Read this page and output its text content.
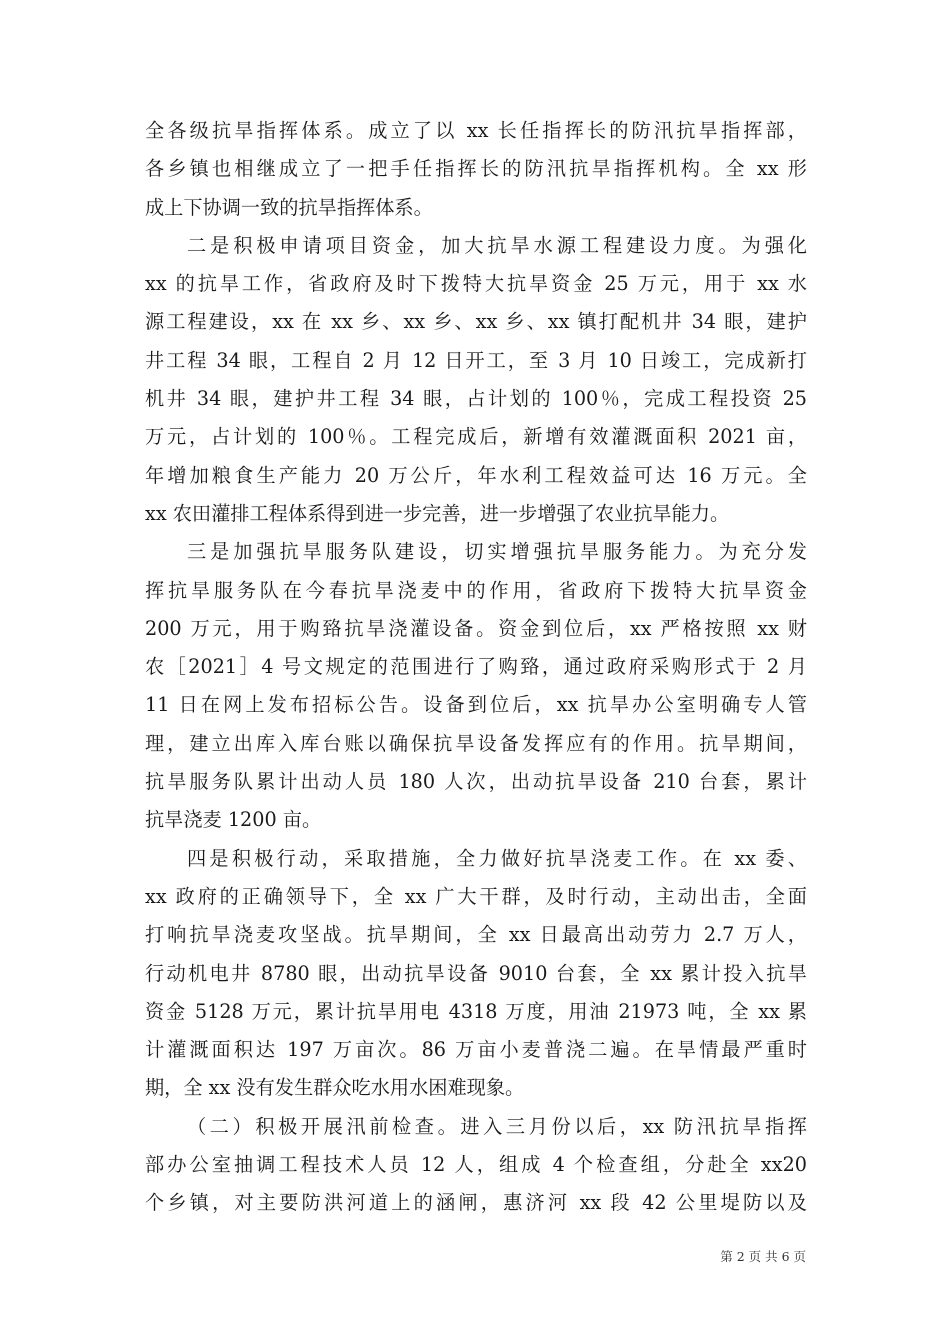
全各级抗旱指挥体系。成立了以 xx 长任指挥长的防汛抗旱指挥部，
各乡镇也相继成立了一把手任指挥长的防汛抗旱指挥机构。全 xx 形
成上下协调一致的抗旱指挥体系。
二是积极申请项目资金，加大抗旱水源工程建设力度。为强化
xx 的抗旱工作，省政府及时下拨特大抗旱资金 25 万元，用于 xx 水
源工程建设，xx 在 xx 乡、xx 乡、xx 乡、xx 镇打配机井 34 眼，建护
井工程 34 眼，工程自 2 月 12 日开工，至 3 月 10 日竣工，完成新打
机井 34 眼，建护井工程 34 眼，占计划的 100％，完成工程投资 25
万元，占计划的 100％。工程完成后，新增有效灌溉面积 2021 亩，
年增加粮食生产能力 20 万公斤，年水利工程效益可达 16 万元。全
xx 农田灌排工程体系得到进一步完善，进一步增强了农业抗旱能力。
三是加强抗旱服务队建设，切实增强抗旱服务能力。为充分发
挥抗旱服务队在今春抗旱浇麦中的作用，省政府下拨特大抗旱资金
200 万元，用于购臵抗旱浇灌设备。资金到位后，xx 严格按照 xx 财
农［2021］4 号文规定的范围进行了购臵，通过政府采购形式于 2 月
11 日在网上发布招标公告。设备到位后，xx 抗旱办公室明确专人管
理，建立出库入库台账以确保抗旱设备发挥应有的作用。抗旱期间，
抗旱服务队累计出动人员 180 人次，出动抗旱设备 210 台套，累计
抗旱浇麦 1200 亩。
四是积极行动，采取措施，全力做好抗旱浇麦工作。在 xx 委、
xx 政府的正确领导下，全 xx 广大干群，及时行动，主动出击，全面
打响抗旱浇麦攻坚战。抗旱期间，全 xx 日最高出动劳力 2.7 万人，
行动机电井 8780 眼，出动抗旱设备 9010 台套，全 xx 累计投入抗旱
资金 5128 万元，累计抗旱用电 4318 万度，用油 21973 吨，全 xx 累
计灌溉面积达 197 万亩次。86 万亩小麦普浇二遍。在旱情最严重时
期，全 xx 没有发生群众吃水用水困难现象。
（二）积极开展汛前检查。进入三月份以后，xx 防汛抗旱指挥
部办公室抽调工程技术人员 12 人，组成 4 个检查组，分赴全 xx20
个乡镇，对主要防洪河道上的涵闸，惠济河 xx 段 42 公里堤防以及
第 2 页 共 6 页
